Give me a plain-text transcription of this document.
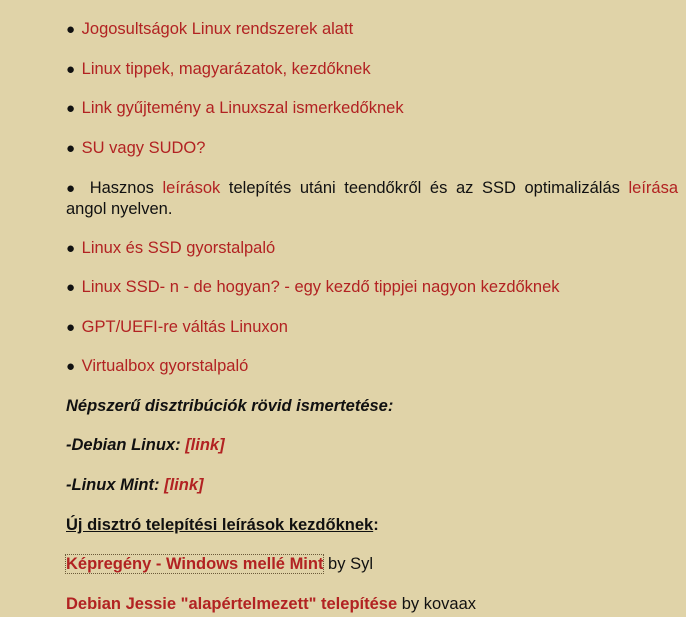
● Jogosultságok Linux rendszerek alatt
● Linux tippek, magyarázatok, kezdőknek
● Link gyűjtemény a Linuxszal ismerkedőknek
● SU vagy SUDO?
● Hasznos leírások telepítés utáni teendőkről és az SSD optimalizálás leírása angol nyelven.
● Linux és SSD gyorstalpaló
● Linux SSD- n - de hogyan? - egy kezdő tippjei nagyon kezdőknek
● GPT/UEFI-re váltás Linuxon
● Virtualbox gyorstalpaló
Népszerű disztribúciók rövid ismertetése:
-Debian Linux: [link]
-Linux Mint: [link]
Új disztró telepítési leírások kezdőknek:
Képregény - Windows mellé Mint by Syl
Debian Jessie "alapértelmezett" telepítése by kovaax
